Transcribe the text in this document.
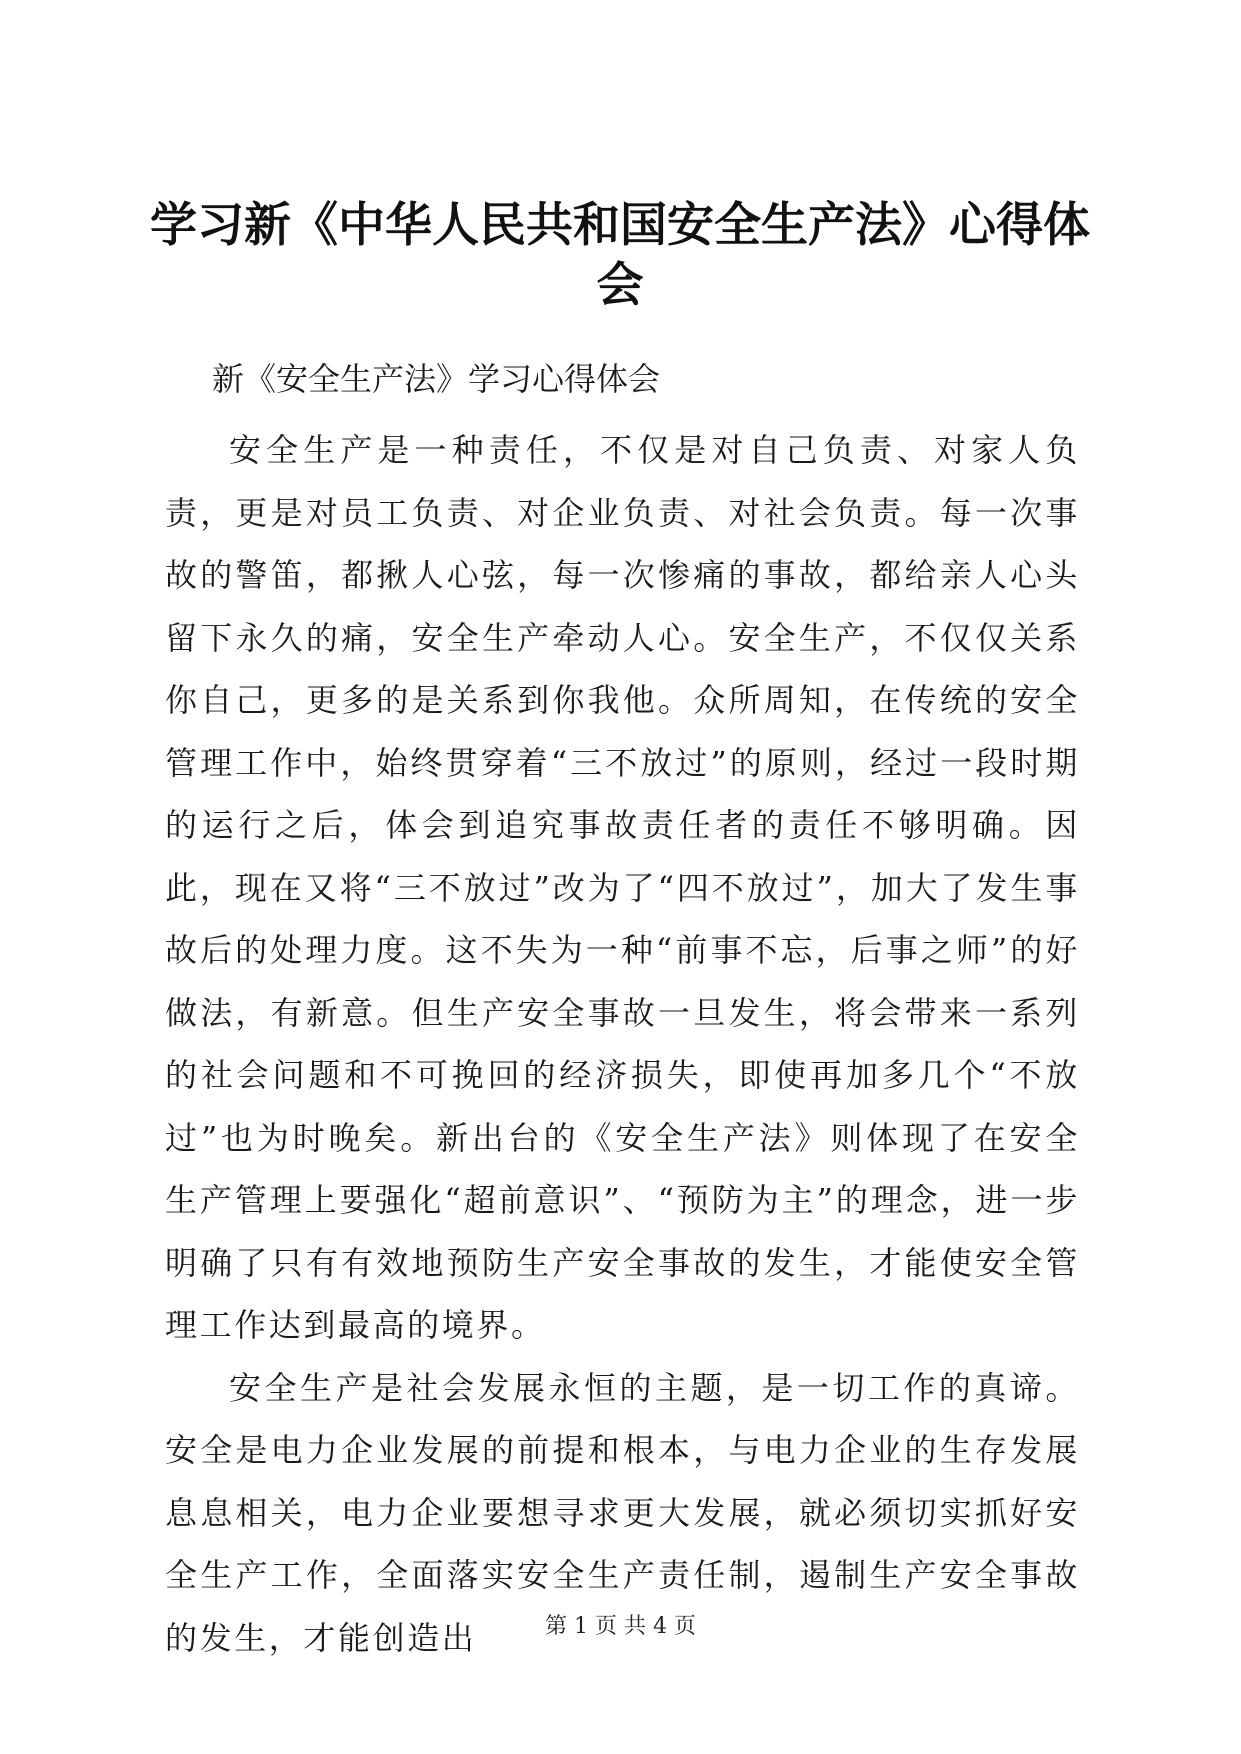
学习新《中华人民共和国安全生产法》心得体会

新《安全生产法》学习心得体会

安全生产是一种责任，不仅是对自己负责、对家人负责，更是对员工负责、对企业负责、对社会负责。每一次事故的警笛，都揪人心弦，每一次惨痛的事故，都给亲人心头留下永久的痛，安全生产牵动人心。安全生产，不仅仅关系你自己，更多的是关系到你我他。众所周知，在传统的安全管理工作中，始终贯穿着“三不放过”的原则，经过一段时期的运行之后，体会到追究事故责任者的责任不够明确。因此，现在又将“三不放过”改为了“四不放过”，加大了发生事故后的处理力度。这不失为一种“前事不忘，后事之师”的好做法，有新意。但生产安全事故一旦发生，将会带来一系列的社会问题和不可挽回的经济损失，即使再加多几个“不放过”也为时晚矣。新出台的《安全生产法》则体现了在安全生产管理上要强化“超前意识”、“预防为主”的理念，进一步明确了只有有效地预防生产安全事故的发生，才能使安全管理工作达到最高的境界。

安全生产是社会发展永恒的主题，是一切工作的真谛。安全是电力企业发展的前提和根本，与电力企业的生存发展息息相关，电力企业要想寻求更大发展，就必须切实抓好安全生产工作，全面落实安全生产责任制，遏制生产安全事故的发生，才能创造出	第 1 页 共 4 页
